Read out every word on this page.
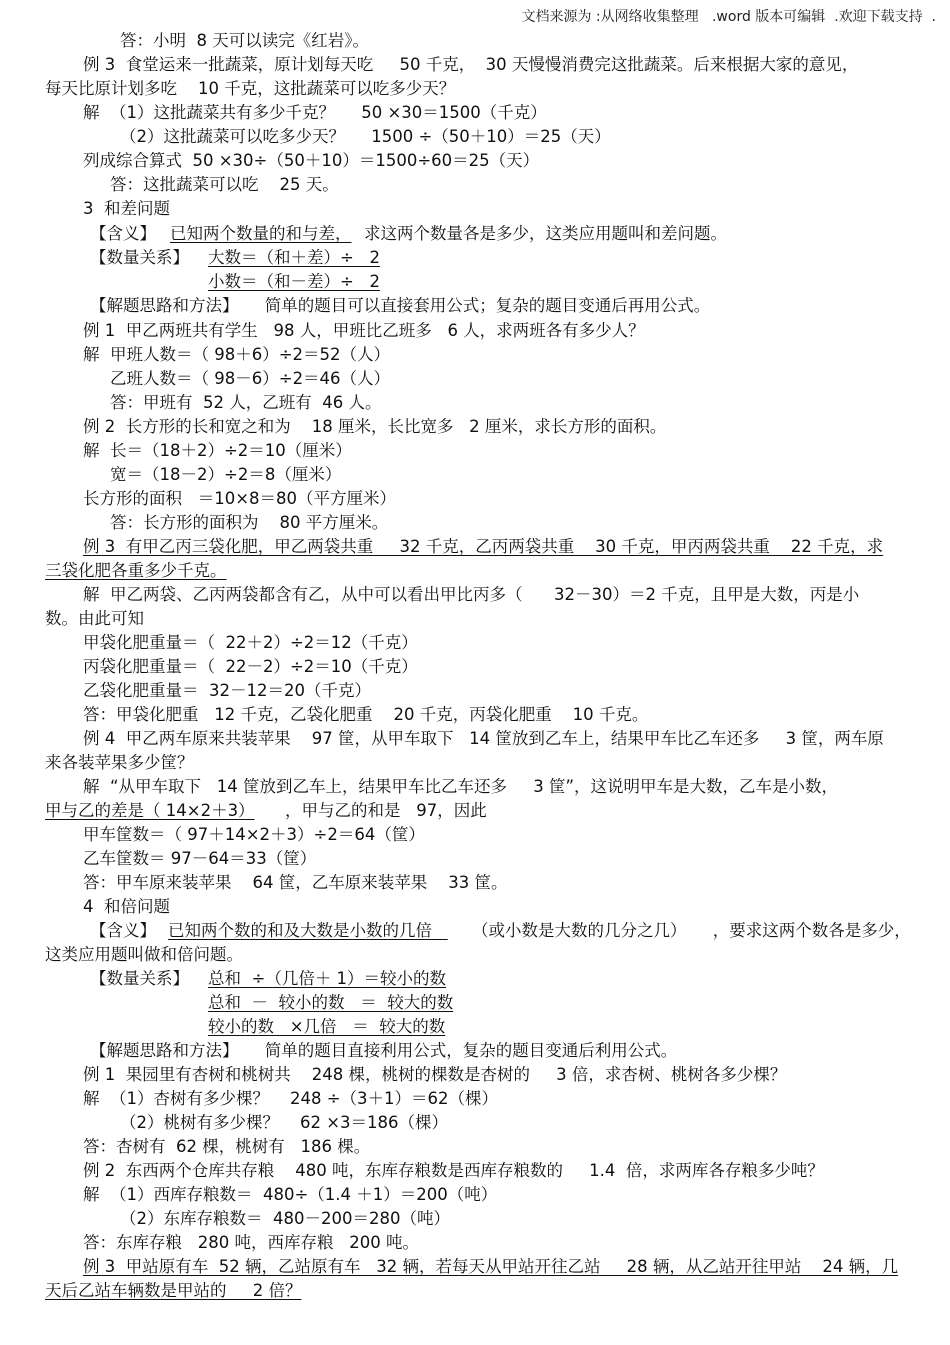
文档来源为 :从网络收集整理   .word 版本可编辑  .欢迎下载支持  .
答：小明  8 天可以读完《红岩》。
例 3  食堂运来一批蔬菜，原计划每天吃     50 千克，  30 天慢慢消费完这批蔬菜。后来根据大家的意见，
每天比原计划多吃    10 千克，这批蔬菜可以吃多少天？
解  （1）这批蔬菜共有多少千克？     50 ×30＝1500（千克）
（2）这批蔬菜可以吃多少天？     1500 ÷（50＋10）＝25（天）
列成综合算式  50 ×30÷（50＋10）＝1500÷60＝25（天）
答：这批蔬菜可以吃    25 天。
3  和差问题
【含义】 已知两个数量的和与差， 求这两个数量各是多少，这类应用题叫和差问题。
【数量关系】 大数＝（和＋差）÷   2
小数＝（和－差）÷   2
【解题思路和方法】     简单的题目可以直接套用公式；复杂的题目变通后再用公式。
例 1  甲乙两班共有学生   98 人，甲班比乙班多   6 人，求两班各有多少人？
解  甲班人数＝（ 98＋6）÷2＝52（人）
乙班人数＝（ 98－6）÷2＝46（人）
答：甲班有  52 人，乙班有  46 人。
例 2  长方形的长和宽之和为    18 厘米，长比宽多   2 厘米，求长方形的面积。
解  长＝（18＋2）÷2＝10（厘米）
宽＝（18－2）÷2＝8（厘米）
长方形的面积   ＝10×8＝80（平方厘米）
答：长方形的面积为    80 平方厘米。
例 3  有甲乙丙三袋化肥，甲乙两袋共重     32 千克，乙丙两袋共重    30 千克，甲丙两袋共重    22 千克，求
三袋化肥各重多少千克。
解  甲乙两袋、乙丙两袋都含有乙，从中可以看出甲比丙多（      32－30）＝2 千克，且甲是大数，丙是小
数。由此可知
甲袋化肥重量＝（  22＋2）÷2＝12（千克）
丙袋化肥重量＝（  22－2）÷2＝10（千克）
乙袋化肥重量＝  32－12＝20（千克）
答：甲袋化肥重   12 千克，乙袋化肥重    20 千克，丙袋化肥重    10 千克。
例 4  甲乙两车原来共装苹果    97 筐，从甲车取下   14 筐放到乙车上，结果甲车比乙车还多     3 筐，两车原
来各装苹果多少筐？
解  “从甲车取下   14 筐放到乙车上，结果甲车比乙车还多     3 筐”，这说明甲车是大数，乙车是小数，
甲与乙的差是（ 14×2＋3） ，甲与乙的和是   97，因此
甲车筐数＝（ 97＋14×2＋3）÷2＝64（筐）
乙车筐数＝ 97－64＝33（筐）
答：甲车原来装苹果    64 筐，乙车原来装苹果    33 筐。
4  和倍问题
【含义】 已知两个数的和及大数是小数的几倍 （或小数是大数的几分之几）     ，要求这两个数各是多少，
这类应用题叫做和倍问题。
【数量关系】 总和  ÷（几倍＋ 1）＝较小的数
总和  －  较小的数   ＝  较大的数
较小的数   ×几倍   ＝  较大的数
【解题思路和方法】     简单的题目直接利用公式，复杂的题目变通后利用公式。
例 1  果园里有杏树和桃树共    248 棵，桃树的棵数是杏树的     3 倍，求杏树、桃树各多少棵？
解  （1）杏树有多少棵？    248 ÷（3＋1）＝62（棵）
（2）桃树有多少棵？    62 ×3＝186（棵）
答：杏树有  62 棵，桃树有   186 棵。
例 2  东西两个仓库共存粮    480 吨，东库存粮数是西库存粮数的     1.4  倍，求两库各存粮多少吨？
解  （1）西库存粮数＝  480÷（1.4 ＋1）＝200（吨）
（2）东库存粮数＝  480－200＝280（吨）
答：东库存粮   280 吨，西库存粮   200 吨。
例 3  甲站原有车  52 辆，乙站原有车   32 辆，若每天从甲站开往乙站     28 辆，从乙站开往甲站    24 辆，几
天后乙站车辆数是甲站的     2 倍？
